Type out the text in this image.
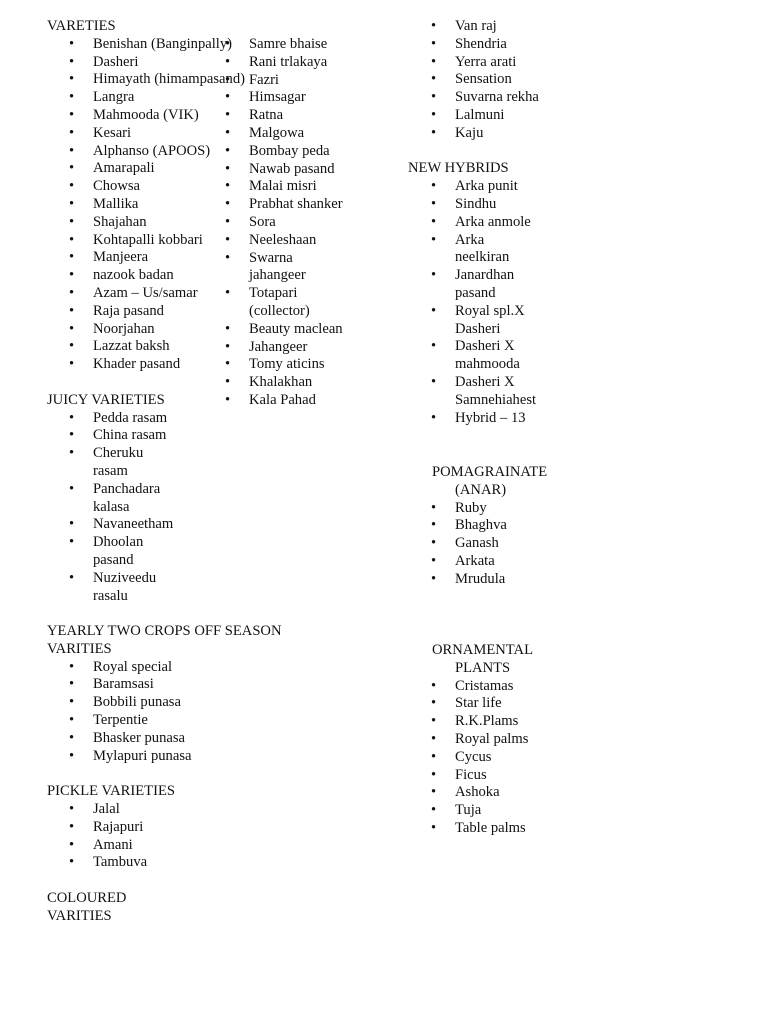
VARETIES

• Benishan (Banginpally)
• Dasheri
• Himayath (himampasand)
• Langra
• Mahmooda (VIK)
• Kesari
• Alphanso (APOOS)
• Amarapali
• Chowsa
• Mallika
• Shajahan
• Kohtapalli kobbari
• Manjeera
• nazook badan
• Azam – Us/samar
• Raja pasand
• Noorjahan
• Lazzat baksh
• Khader pasand

JUICY VARIETIES

• Pedda rasam
• China rasam
• Cheruku rasam
• Panchadara kalasa
• Navaneetham
• Dhoolan pasand
• Nuziveedu rasalu

YEARLY TWO CROPS OFF SEASON VARITIES

• Royal special
• Baramsasi
• Bobbili punasa
• Terpentie
• Bhasker punasa
• Mylapuri punasa

PICKLE VARIETIES

• Jalal
• Rajapuri
• Amani
• Tambuva

COLOURED VARITIES

• Samre bhaise
• Rani trlakaya
• Fazri
• Himsagar
• Ratna
• Malgowa
• Bombay peda
• Nawab pasand
• Malai misri
• Prabhat shanker
• Sora
• Neeleshaan
• Swarna jahangeer
• Totapari (collector)
• Beauty maclean
• Jahangeer
• Tomy aticins
• Khalakhan
• Kala Pahad
• Van raj
• Shendria
• Yerra arati
• Sensation
• Suvarna rekha
• Lalmuni
• Kaju

NEW HYBRIDS

• Arka punit
• Sindhu
• Arka anmole
• Arka neelkiran
• Janardhan pasand
• Royal spl.X Dasheri
• Dasheri X mahmooda
• Dasheri X Samnehiahest
• Hybrid – 13

POMAGRAINATE (ANAR)

• Ruby
• Bhaghva
• Ganash
• Arkata
• Mrudula

ORNAMENTAL PLANTS

• Cristamas
• Star life
• R.K.Plams
• Royal palms
• Cycus
• Ficus
• Ashoka
• Tuja
• Table palms
